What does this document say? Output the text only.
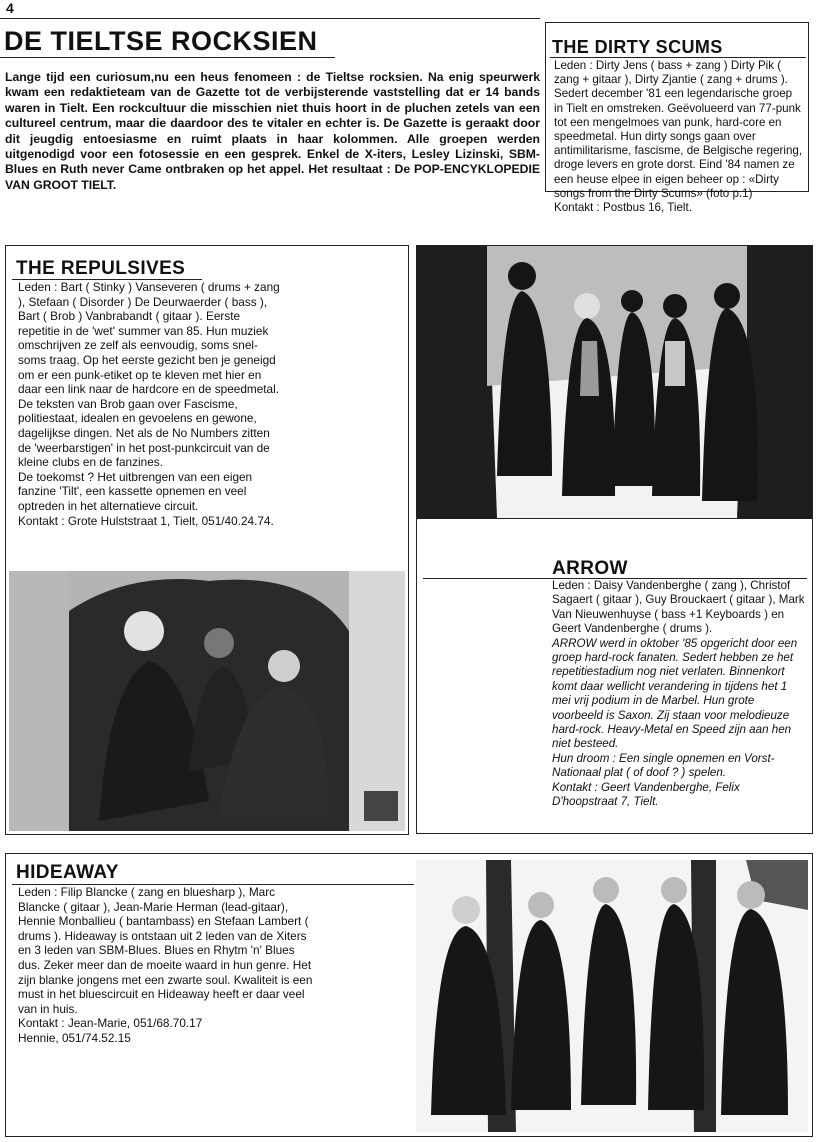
4
DE TIELTSE ROCKSIEN
Lange tijd een curiosum,nu een heus fenomeen : de Tieltse rocksien. Na enig speurwerk kwam een redaktieteam van de Gazette tot de verbijsterende vaststelling dat er 14 bands waren in Tielt. Een rockcultuur die misschien niet thuis hoort in de pluchen zetels van een cultureel centrum, maar die daardoor des te vitaler en echter is. De Gazette is geraakt door dit jeugdig entoesiasme en ruimt plaats in haar kolommen. Alle groepen werden uitgenodigd voor een fotosessie en een gesprek. Enkel de X-iters, Lesley Lizinski, SBM-Blues en Ruth never Came ontbraken op het appel. Het resultaat : De POP-ENCYKLOPEDIE VAN GROOT TIELT.
THE DIRTY SCUMS

Leden : Dirty Jens ( bass + zang ) Dirty Pik ( zang + gitaar ), Dirty Zjantie ( zang + drums ). Sedert december '81 een legendarische groep in Tielt en omstreken. Geëvolueerd van 77-punk tot een mengelmoes van punk, hard-core en speedmetal. Hun dirty songs gaan over antimilitarisme, fascisme, de Belgische regering, droge levers en grote dorst. Eind '84 namen ze een heuse elpee in eigen beheer op : «Dirty songs from the Dirty Scums» (foto p.1)

Kontakt : Postbus 16, Tielt.

THE REPULSIVES

Leden : Bart ( Stinky ) Vanseveren ( drums + zang ), Stefaan ( Disorder ) De Deurwaerder ( bass ), Bart ( Brob ) Vanbrabandt ( gitaar ). Eerste repetitie in de 'wet' summer van 85. Hun muziek omschrijven ze zelf als eenvoudig, soms snel-soms traag. Op het eerste gezicht ben je geneigd om er een punk-etiket op te kleven met hier en daar een link naar de hardcore en de speedmetal. De teksten van Brob gaan over Fascisme, politiestaat, idealen en gevoelens en gewone, dagelijkse dingen. Net als de No Numbers zitten de 'weerbarstigen' in het post-punkcircuit van de kleine clubs en de fanzines.

De toekomst ? Het uitbrengen van een eigen fanzine 'Tilt', een kassette opnemen en veel optreden in het alternatieve circuit.

Kontakt : Grote Hulststraat 1, Tielt, 051/40.24.74.

ARROW

Leden : Daisy Vandenberghe ( zang ), Christof Sagaert ( gitaar ), Guy Brouckaert ( gitaar ), Mark Van Nieuwenhuyse ( bass +1 Keyboards ) en Geert Vandenberghe ( drums ).

ARROW werd in oktober '85 opgericht door een groep hard-rock fanaten. Sedert hebben ze het repetitiestadium nog niet verlaten. Binnenkort komt daar wellicht verandering in tijdens het 1 mei vrij podium in de Marbel. Hun grote voorbeeld is Saxon. Zij staan voor melodieuze hard-rock. Heavy-Metal en Speed zijn aan hen niet besteed.

Hun droom : Een single opnemen en Vorst-Nationaal plat ( of doof ? ) spelen.

Kontakt : Geert Vandenberghe, Felix D'hoopstraat 7, Tielt.

HIDEAWAY

Leden : Filip Blancke ( zang en bluesharp ), Marc Blancke ( gitaar ), Jean-Marie Herman (lead-gitaar), Hennie Monballieu ( bantambass) en Stefaan Lambert ( drums ). Hideaway is ontstaan uit 2 leden van de Xiters en 3 leden van SBM-Blues. Blues en Rhytm 'n' Blues dus. Zeker meer dan de moeite waard in hun genre. Het zijn blanke jongens met een zwarte soul. Kwaliteit is een must in het bluescircuit en Hideaway heeft er daar veel van in huis.

Kontakt : Jean-Marie, 051/68.70.17

Hennie, 051/74.52.15
